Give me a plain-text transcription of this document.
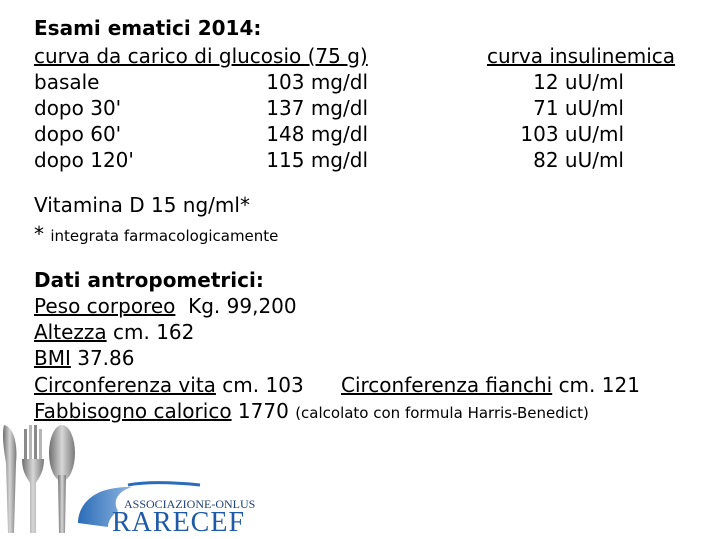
Esami ematici 2014:
curva da carico di glucosio (75 g)	curva insulinemica
basale	103 mg/dl	12 uU/ml
dopo 30'	137 mg/dl	71 uU/ml
dopo 60'	148 mg/dl	103 uU/ml
dopo 120'	115 mg/dl	82 uU/ml
Vitamina D 15 ng/ml*
* integrata farmacologicamente
Dati antropometrici:
Peso corporeo Kg. 99,200
Altezza cm. 162
BMI 37.86
Circonferenza vita cm. 103 Circonferenza fianchi cm. 121
Fabbisogno calorico 1770 (calcolato con formula Harris-Benedict)
ASSOCIAZIONE-ONLUS
RARECEF
